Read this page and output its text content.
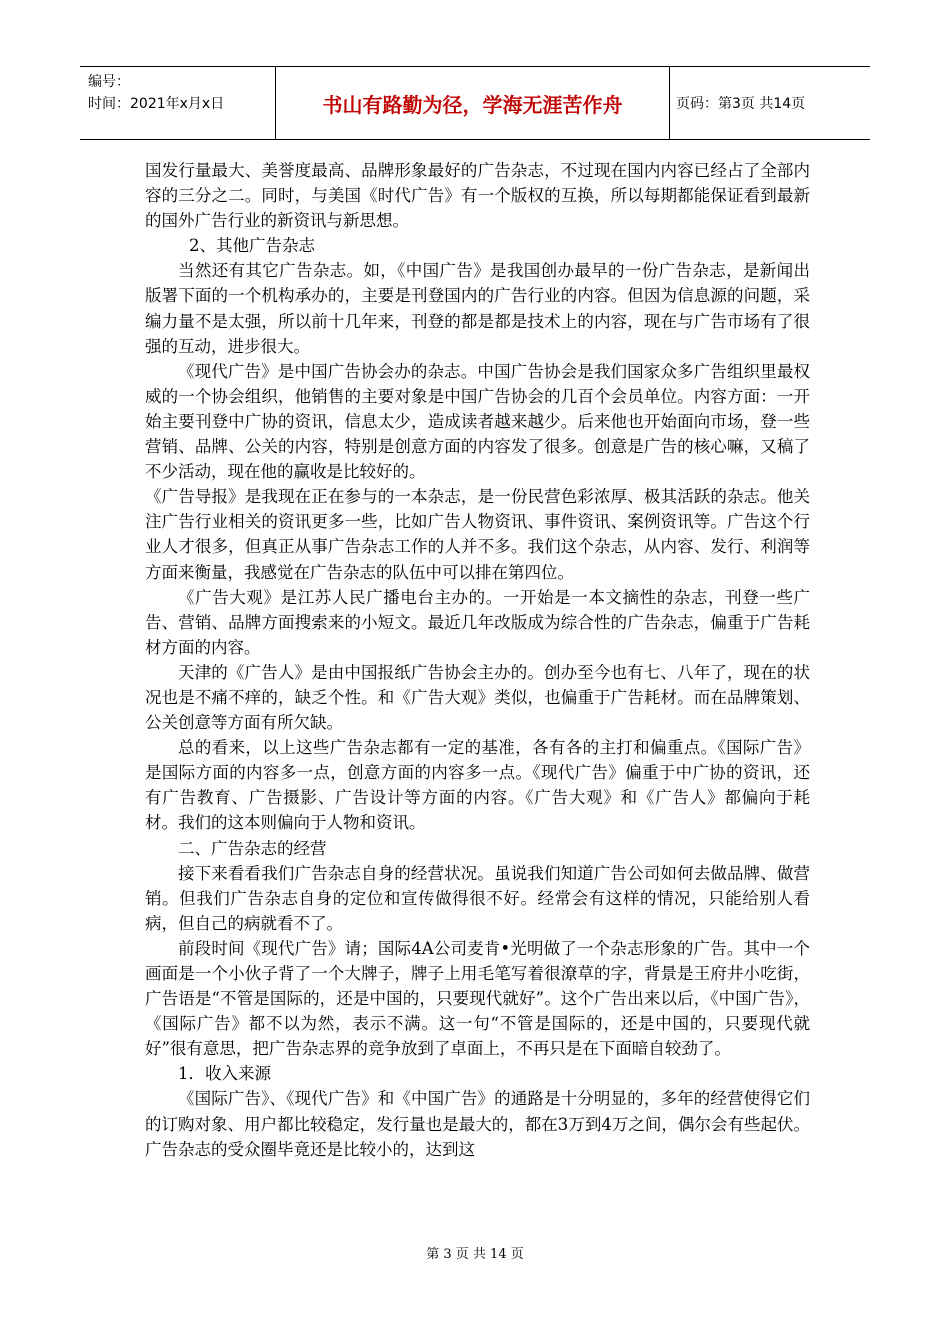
编号：
时间：2021年x月x日	书山有路勤为径，学海无涯苦作舟	页码：第3页 共14页

国发行量最大、美誉度最高、品牌形象最好的广告杂志，不过现在国内内容已经占了全部内容的三分之二。同时，与美国《时代广告》有一个版权的互换，所以每期都能保证看到最新的国外广告行业的新资讯与新思想。

2、其他广告杂志

当然还有其它广告杂志。如，《中国广告》是我国创办最早的一份广告杂志，是新闻出版署下面的一个机构承办的，主要是刊登国内的广告行业的内容。但因为信息源的问题，采编力量不是太强，所以前十几年来，刊登的都是都是技术上的内容，现在与广告市场有了很强的互动，进步很大。

《现代广告》是中国广告协会办的杂志。中国广告协会是我们国家众多广告组织里最权威的一个协会组织，他销售的主要对象是中国广告协会的几百个会员单位。内容方面：一开始主要刊登中广协的资讯，信息太少，造成读者越来越少。后来他也开始面向市场，登一些营销、品牌、公关的内容，特别是创意方面的内容发了很多。创意是广告的核心嘛，又稿了不少活动，现在他的赢收是比较好的。

《广告导报》是我现在正在参与的一本杂志，是一份民营色彩浓厚、极其活跃的杂志。他关注广告行业相关的资讯更多一些，比如广告人物资讯、事件资讯、案例资讯等。广告这个行业人才很多，但真正从事广告杂志工作的人并不多。我们这个杂志，从内容、发行、利润等方面来衡量，我感觉在广告杂志的队伍中可以排在第四位。

《广告大观》是江苏人民广播电台主办的。一开始是一本文摘性的杂志，刊登一些广告、营销、品牌方面搜索来的小短文。最近几年改版成为综合性的广告杂志，偏重于广告耗材方面的内容。

天津的《广告人》是由中国报纸广告协会主办的。创办至今也有七、八年了，现在的状况也是不痛不痒的，缺乏个性。和《广告大观》类似，也偏重于广告耗材。而在品牌策划、公关创意等方面有所欠缺。

总的看来，以上这些广告杂志都有一定的基准，各有各的主打和偏重点。《国际广告》是国际方面的内容多一点，创意方面的内容多一点。《现代广告》偏重于中广协的资讯，还有广告教育、广告摄影、广告设计等方面的内容。《广告大观》和《广告人》都偏向于耗材。我们的这本则偏向于人物和资讯。

二、广告杂志的经营

接下来看看我们广告杂志自身的经营状况。虽说我们知道广告公司如何去做品牌、做营销。但我们广告杂志自身的定位和宣传做得很不好。经常会有这样的情况，只能给别人看病，但自己的病就看不了。

前段时间《现代广告》请；国际4A公司麦肯•光明做了一个杂志形象的广告。其中一个画面是一个小伙子背了一个大牌子，牌子上用毛笔写着很潦草的字，背景是王府井小吃街，广告语是“不管是国际的，还是中国的，只要现代就好”。这个广告出来以后，《中国广告》，《国际广告》都不以为然，表示不满。这一句“不管是国际的，还是中国的，只要现代就好”很有意思，把广告杂志界的竞争放到了卓面上，不再只是在下面暗自较劲了。

1．收入来源

《国际广告》、《现代广告》和《中国广告》的通路是十分明显的，多年的经营使得它们的订购对象、用户都比较稳定，发行量也是最大的，都在3万到4万之间，偶尔会有些起伏。广告杂志的受众圈毕竟还是比较小的，达到这

第 3 页 共 14 页
